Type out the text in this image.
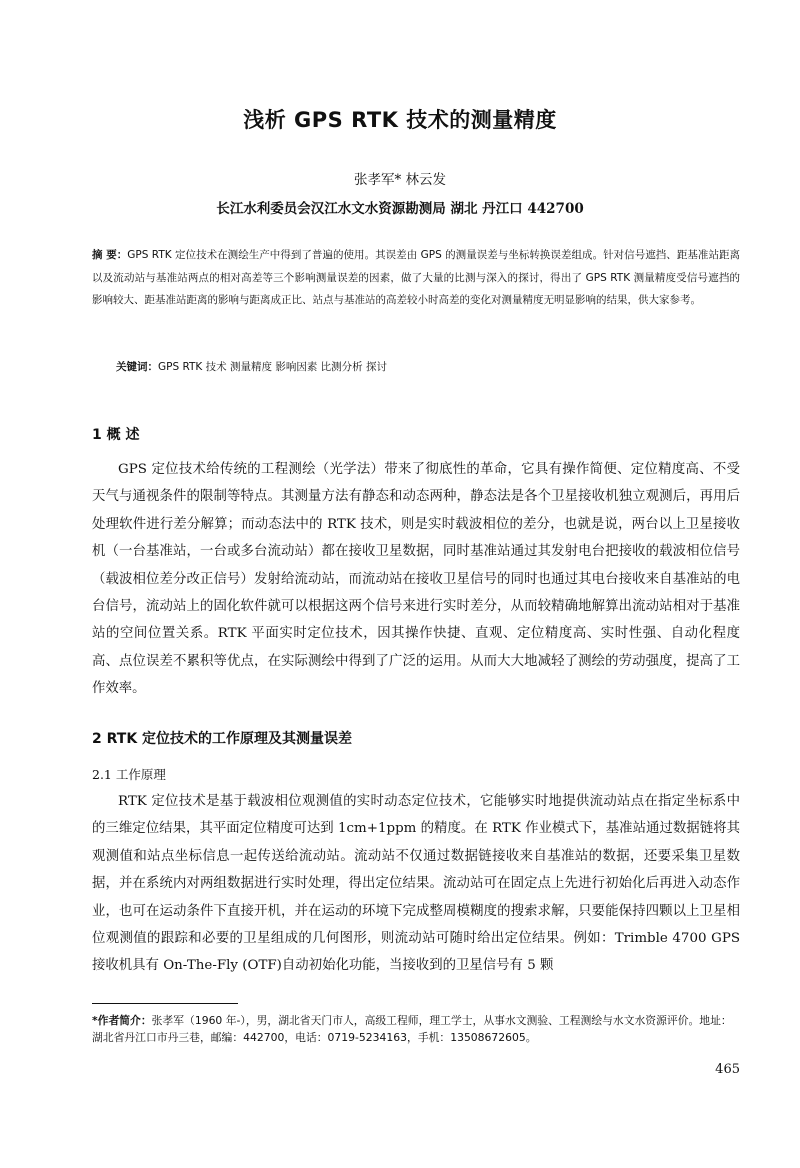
浅析 GPS RTK 技术的测量精度
张孝军* 林云发
长江水利委员会汉江水文水资源勘测局 湖北 丹江口 442700
摘 要：GPS RTK 定位技术在测绘生产中得到了普遍的使用。其误差由 GPS 的测量误差与坐标转换误差组成。针对信号遮挡、距基准站距离以及流动站与基准站两点的相对高差等三个影响测量误差的因素，做了大量的比测与深入的探讨，得出了 GPS RTK 测量精度受信号遮挡的影响较大、距基准站距离的影响与距离成正比、站点与基准站的高差较小时高差的变化对测量精度无明显影响的结果，供大家参考。
关键词：GPS RTK 技术 测量精度 影响因素 比测分析 探讨
1 概 述

GPS 定位技术给传统的工程测绘（光学法）带来了彻底性的革命，它具有操作简便、定位精度高、不受天气与通视条件的限制等特点。其测量方法有静态和动态两种，静态法是各个卫星接收机独立观测后，再用后处理软件进行差分解算；而动态法中的 RTK 技术，则是实时载波相位的差分，也就是说，两台以上卫星接收机（一台基准站，一台或多台流动站）都在接收卫星数据，同时基准站通过其发射电台把接收的载波相位信号（载波相位差分改正信号）发射给流动站，而流动站在接收卫星信号的同时也通过其电台接收来自基准站的电台信号，流动站上的固化软件就可以根据这两个信号来进行实时差分，从而较精确地解算出流动站相对于基准站的空间位置关系。RTK 平面实时定位技术，因其操作快捷、直观、定位精度高、实时性强、自动化程度高、点位误差不累积等优点，在实际测绘中得到了广泛的运用。从而大大地减轻了测绘的劳动强度，提高了工作效率。

2 RTK 定位技术的工作原理及其测量误差
2.1 工作原理

RTK 定位技术是基于载波相位观测值的实时动态定位技术，它能够实时地提供流动站点在指定坐标系中的三维定位结果，其平面定位精度可达到 1cm+1ppm 的精度。在 RTK 作业模式下，基准站通过数据链将其观测值和站点坐标信息一起传送给流动站。流动站不仅通过数据链接收来自基准站的数据，还要采集卫星数据，并在系统内对两组数据进行实时处理，得出定位结果。流动站可在固定点上先进行初始化后再进入动态作业，也可在运动条件下直接开机，并在运动的环境下完成整周模糊度的搜索求解，只要能保持四颗以上卫星相位观测值的跟踪和必要的卫星组成的几何图形，则流动站可随时给出定位结果。例如：Trimble 4700 GPS 接收机具有 On-The-Fly (OTF)自动初始化功能，当接收到的卫星信号有 5 颗

*作者简介：张孝军（1960 年-），男，湖北省天门市人，高级工程师，理工学士，从事水文测验、工程测绘与水文水资源评价。地址：湖北省丹江口市丹三巷，邮编：442700，电话：0719-5234163，手机：13508672605。
465
